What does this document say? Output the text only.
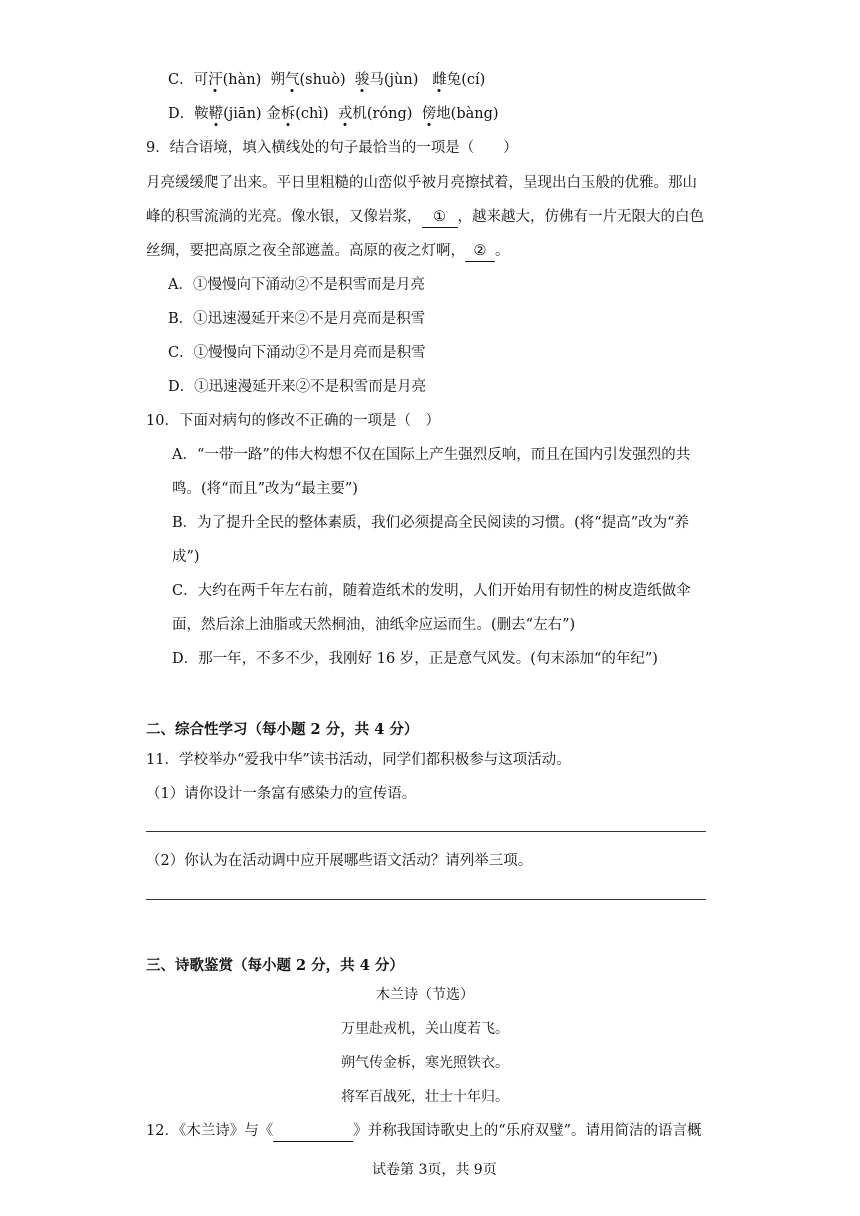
C．可汗(hàn) 朔气(shuò) 骏马(jùn) 雌兔(cí)
D．鞍鞯(jiān) 金柝(chì) 戎机(róng) 傍地(bàng)
9．结合语境，填入横线处的句子最恰当的一项是（　　）
月亮缓缓爬了出来。平日里粗糙的山峦似乎被月亮擦拭着，呈现出白玉般的优雅。那山
峰的积雪流淌的光亮。像水银，又像岩浆， ① ，越来越大，仿佛有一片无限大的白色
丝绸，要把高原之夜全部遮盖。高原的夜之灯啊， ② 。
A．①慢慢向下涌动②不是积雪而是月亮
B．①迅速漫延开来②不是月亮而是积雪
C．①慢慢向下涌动②不是月亮而是积雪
D．①迅速漫延开来②不是积雪而是月亮
10．下面对病句的修改不正确的一项是（　）
A．“一带一路”的伟大构想不仅在国际上产生强烈反响，而且在国内引发强烈的共
鸣。(将“而且”改为“最主要”)
B．为了提升全民的整体素质，我们必须提高全民阅读的习惯。(将“提高”改为“养
成”)
C．大约在两千年左右前，随着造纸术的发明，人们开始用有韧性的树皮造纸做伞
面，然后涂上油脂或天然桐油，油纸伞应运而生。(删去“左右”)
D．那一年，不多不少，我刚好 16 岁，正是意气风发。(句末添加“的年纪”)
二、综合性学习（每小题 2 分，共 4 分）
11．学校举办“爱我中华”读书活动，同学们都积极参与这项活动。
（1）请你设计一条富有感染力的宣传语。
（2）你认为在活动调中应开展哪些语文活动？请列举三项。
三、诗歌鉴赏（每小题 2 分，共 4 分）
木兰诗（节选）
万里赴戎机，关山度若飞。
朔气传金柝，寒光照铁衣。
将军百战死，壮士十年归。
12．《木兰诗》与《	》并称我国诗歌史上的“乐府双璧”。请用简洁的语言概
试卷第 3页，共 9页
